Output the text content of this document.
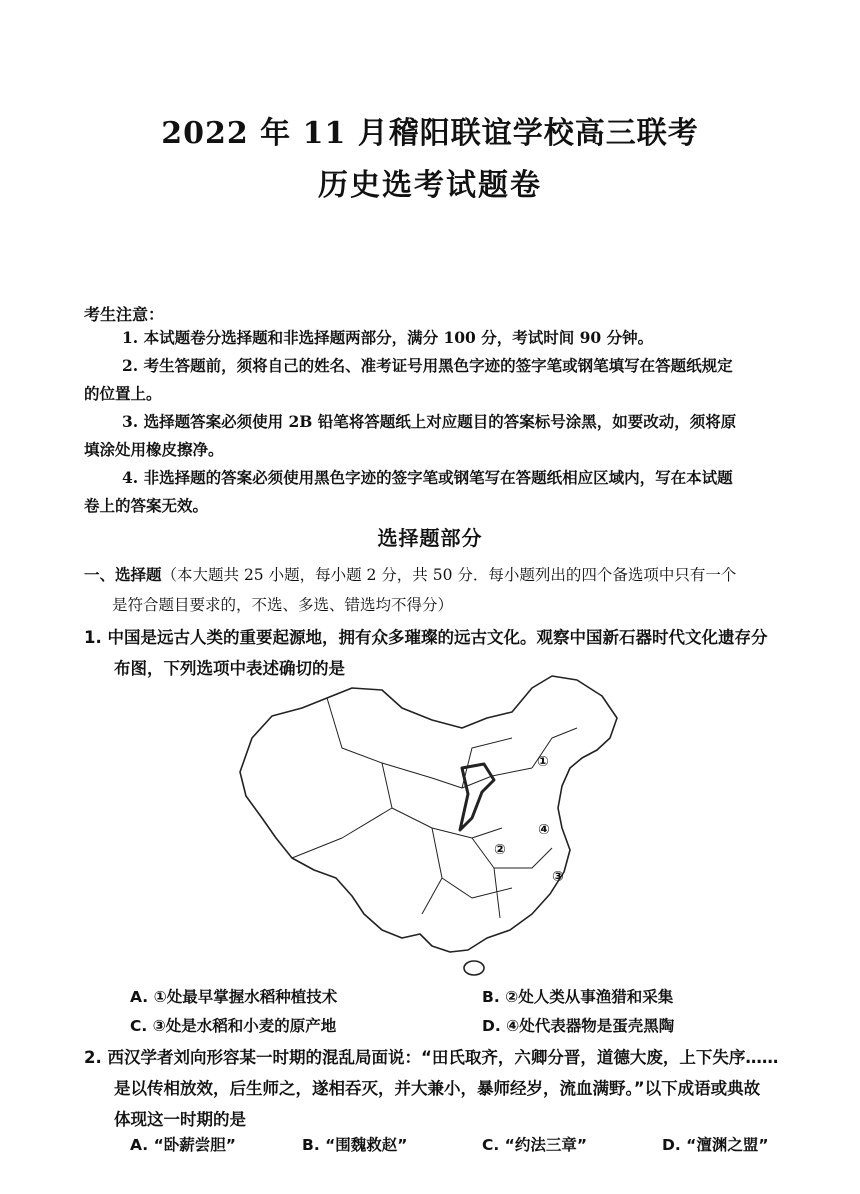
2022 年 11 月稽阳联谊学校高三联考
历史选考试题卷
考生注意：
1. 本试题卷分选择题和非选择题两部分，满分 100 分，考试时间 90 分钟。
2. 考生答题前，须将自己的姓名、准考证号用黑色字迹的签字笔或钢笔填写在答题纸规定
的位置上。
3. 选择题答案必须使用 2B 铅笔将答题纸上对应题目的答案标号涂黑，如要改动，须将原
填涂处用橡皮擦净。
4. 非选择题的答案必须使用黑色字迹的签字笔或钢笔写在答题纸相应区域内，写在本试题
卷上的答案无效。
选择题部分
一、选择题（本大题共 25 小题，每小题 2 分，共 50 分．每小题列出的四个备选项中只有一个
是符合题目要求的，不选、多选、错选均不得分）
1. 中国是远古人类的重要起源地，拥有众多璀璨的远古文化。观察中国新石器时代文化遗存分
布图，下列选项中表述确切的是
①
②
③
④
A. ①处最早掌握水稻种植技术	B. ②处人类从事渔猎和采集
C. ③处是水稻和小麦的原产地	D. ④处代表器物是蛋壳黑陶
2. 西汉学者刘向形容某一时期的混乱局面说：“田氏取齐，六卿分晋，道德大废，上下失序……
是以传相放效，后生师之，遂相吞灭，并大兼小，暴师经岁，流血满野。”以下成语或典故
体现这一时期的是
A. “卧薪尝胆”	B. “围魏救赵”	C. “约法三章”	D. “澶渊之盟”
